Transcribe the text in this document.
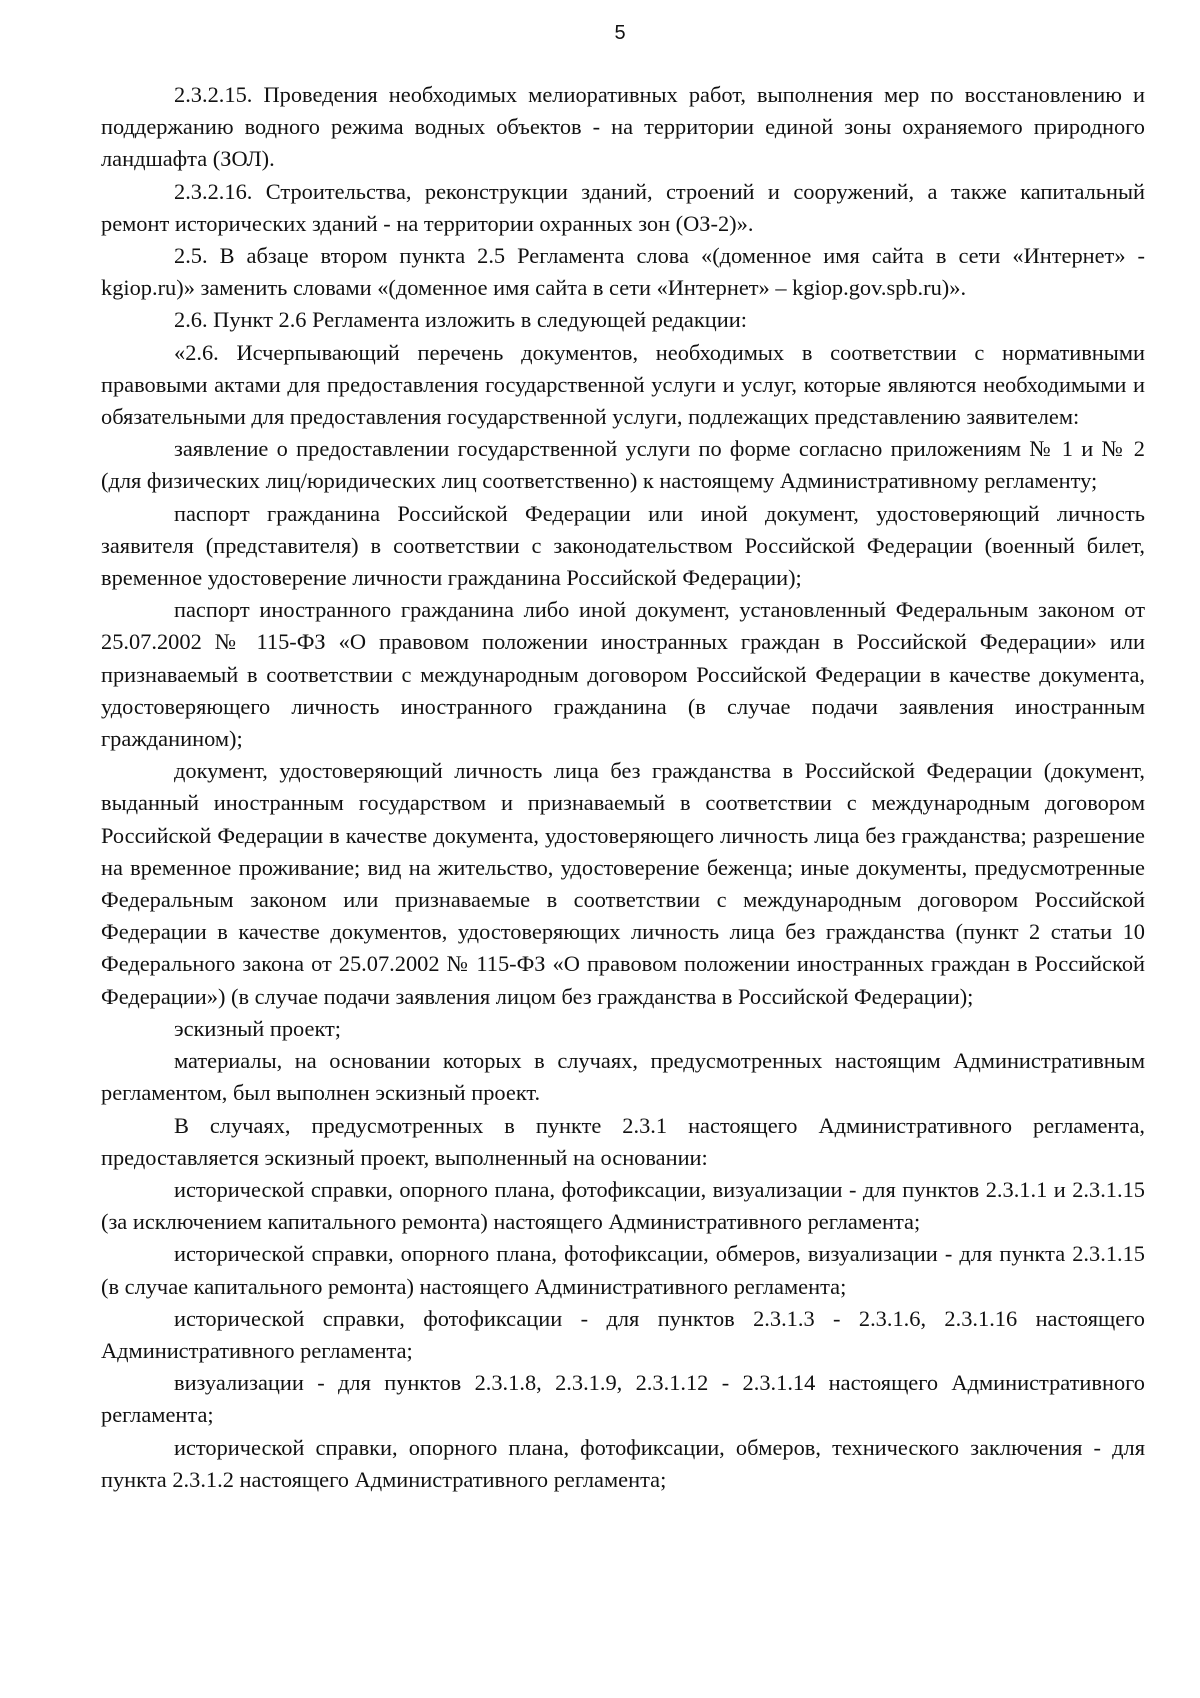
5

2.3.2.15. Проведения необходимых мелиоративных работ, выполнения мер по восстановлению и поддержанию водного режима водных объектов - на территории единой зоны охраняемого природного ландшафта (ЗОЛ).

2.3.2.16. Строительства, реконструкции зданий, строений и сооружений, а также капитальный ремонт исторических зданий - на территории охранных зон (ОЗ-2)».

2.5. В абзаце втором пункта 2.5 Регламента слова «(доменное имя сайта в сети «Интернет» - kgiop.ru)» заменить словами «(доменное имя сайта в сети «Интернет» – kgiop.gov.spb.ru)».

2.6. Пункт 2.6 Регламента изложить в следующей редакции:

«2.6. Исчерпывающий перечень документов, необходимых в соответствии с нормативными правовыми актами для предоставления государственной услуги и услуг, которые являются необходимыми и обязательными для предоставления государственной услуги, подлежащих представлению заявителем:

заявление о предоставлении государственной услуги по форме согласно приложениям № 1 и № 2 (для физических лиц/юридических лиц соответственно) к настоящему Административному регламенту;

паспорт гражданина Российской Федерации или иной документ, удостоверяющий личность заявителя (представителя) в соответствии с законодательством Российской Федерации (военный билет, временное удостоверение личности гражданина Российской Федерации);

паспорт иностранного гражданина либо иной документ, установленный Федеральным законом от 25.07.2002 № 115-ФЗ «О правовом положении иностранных граждан в Российской Федерации» или признаваемый в соответствии с международным договором Российской Федерации в качестве документа, удостоверяющего личность иностранного гражданина (в случае подачи заявления иностранным гражданином);

документ, удостоверяющий личность лица без гражданства в Российской Федерации (документ, выданный иностранным государством и признаваемый в соответствии с международным договором Российской Федерации в качестве документа, удостоверяющего личность лица без гражданства; разрешение на временное проживание; вид на жительство, удостоверение беженца; иные документы, предусмотренные Федеральным законом или признаваемые в соответствии с международным договором Российской Федерации в качестве документов, удостоверяющих личность лица без гражданства (пункт 2 статьи 10 Федерального закона от 25.07.2002 № 115-ФЗ «О правовом положении иностранных граждан в Российской Федерации») (в случае подачи заявления лицом без гражданства в Российской Федерации);

эскизный проект;

материалы, на основании которых в случаях, предусмотренных настоящим Административным регламентом, был выполнен эскизный проект.

В случаях, предусмотренных в пункте 2.3.1 настоящего Административного регламента, предоставляется эскизный проект, выполненный на основании:

исторической справки, опорного плана, фотофиксации, визуализации - для пунктов 2.3.1.1 и 2.3.1.15 (за исключением капитального ремонта) настоящего Административного регламента;

исторической справки, опорного плана, фотофиксации, обмеров, визуализации - для пункта 2.3.1.15 (в случае капитального ремонта) настоящего Административного регламента;

исторической справки, фотофиксации - для пунктов 2.3.1.3 - 2.3.1.6, 2.3.1.16 настоящего Административного регламента;

визуализации - для пунктов 2.3.1.8, 2.3.1.9, 2.3.1.12 - 2.3.1.14 настоящего Административного регламента;

исторической справки, опорного плана, фотофиксации, обмеров, технического заключения - для пункта 2.3.1.2 настоящего Административного регламента;
